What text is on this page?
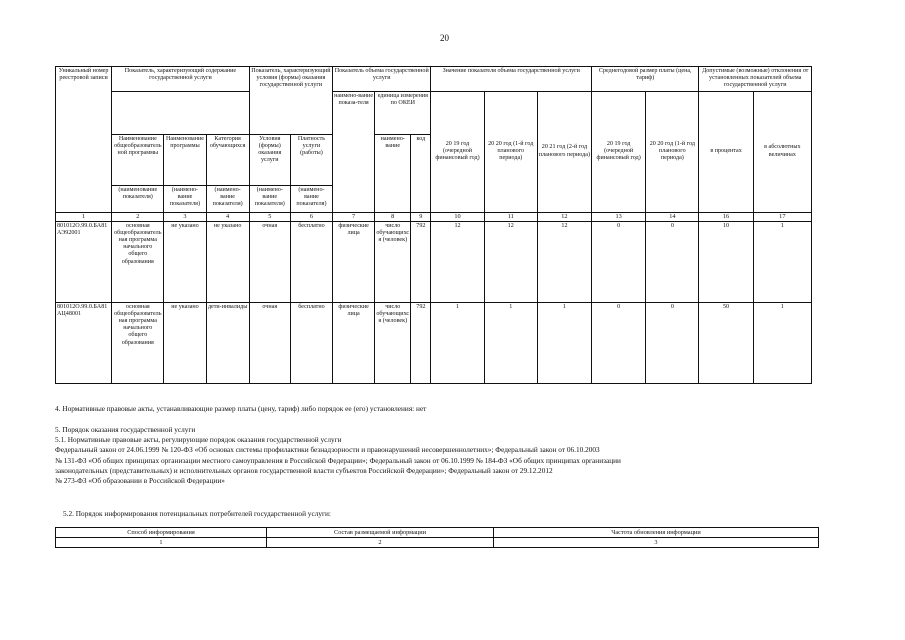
20
Уникальный номер реестровой записи	Показатель, характеризующий содержание государственной услуги			Показатель, характеризующий условия (формы) оказания государственной услуги		Показатель объема государственной услуги			Значение показателя объема государственной услуги			Среднегодовой размер платы (цена, тариф)		Допустимые (возможные) отклонения от установленных показателей объема государственной услуги	
						наимено-вание показа-теля	единица измерения по ОКЕИ		20 19 год (очередной финансовый год)	20 20 год (1-й год планового периода)	20 21 год (2-й год планового периода)	20 19 год (очередной финансовый год)	20 20 год (1-й год планового периода)	в процентах	в абсолютных величинах
	Наименование общеобразовательной программы	Наименование программы	Категория обучающихся	Условия (формы) оказания услуги	Платность услуги (работы)		наимено-вание	код							
	(наименование показателя)	(наимено-вание показателя)	(наимено-вание показателя)	(наимено-вание показателя)	(наимено-вание показателя)										
1	2	3	4	5	6	7	8	9	10	11	12	13	14	16	17
801012О.99.0.БА81АЭ92001	основная общеобразовательная программа начального общего образования	не указано	не указано	очная	бесплатно	физические лица	число обучающихся (человек)	792	12	12	12	0	0	10	1
801012О.99.0.БА81АЦ48001	основная общеобразовательная программа начального общего образования	не указано	дети-инвалиды	очная	бесплатно	физические лица	число обучающихся (человек)	792	1	1	1	0	0	50	1
4. Нормативные правовые акты, устанавливающие размер платы (цену, тариф) либо порядок ее (его) установления: нет
5. Порядок оказания государственной услуги
5.1. Нормативные правовые акты, регулирующие порядок оказания государственной услуги
Федеральный закон от 24.06.1999 № 120-ФЗ «Об основах системы профилактики безнадзорности и правонарушений несовершеннолетних»; Федеральный закон от 06.10.2003
№ 131-ФЗ «Об общих принципах организации местного самоуправления в Российской Федерации»; Федеральный закон от 06.10.1999 № 184-ФЗ «Об общих принципах организации
законодательных (представительных) и исполнительных органов государственной власти субъектов Российской Федерации»; Федеральный закон от 29.12.2012
№ 273-ФЗ «Об образовании в Российской Федерации»
5.2. Порядок информирования потенциальных потребителей государственной услуги:
Способ информирования	Состав размещаемой информации	Частота обновления информации
1	2	3
